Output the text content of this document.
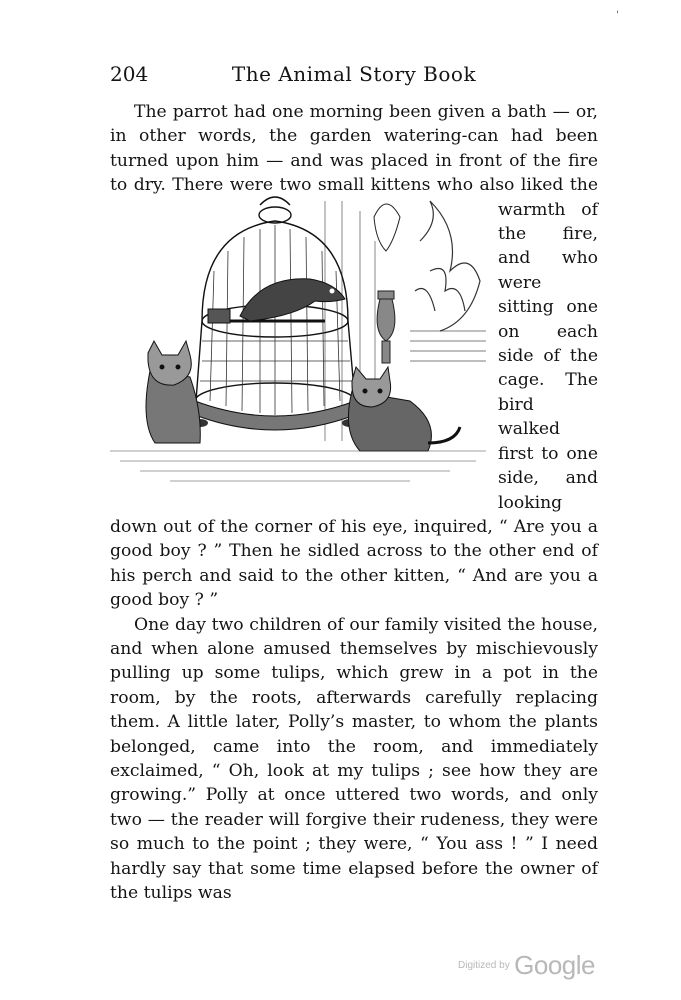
'
204	The Animal Story Book

The parrot had one morning been given a bath — or, in other words, the garden watering-can had been turned upon him — and was placed in front of the fire to dry. There were two small kittens who also liked the warmth of the fire, and who were sitting one on each side of the cage. The bird walked first to one side, and looking down out of the corner of his eye, inquired, “ Are you a good boy ? ” Then he sidled across to the other end of his perch and said to the other kitten, “ And are you a good boy ? ”

One day two children of our family visited the house, and when alone amused themselves by mischievously pulling up some tulips, which grew in a pot in the room, by the roots, afterwards carefully replacing them. A little later, Polly’s master, to whom the plants belonged, came into the room, and immediately exclaimed, “ Oh, look at my tulips ; see how they are growing.” Polly at once uttered two words, and only two — the reader will forgive their rudeness, they were so much to the point ; they were, “ You ass ! ” I need hardly say that some time elapsed before the owner of the tulips was

Digitized by Google
